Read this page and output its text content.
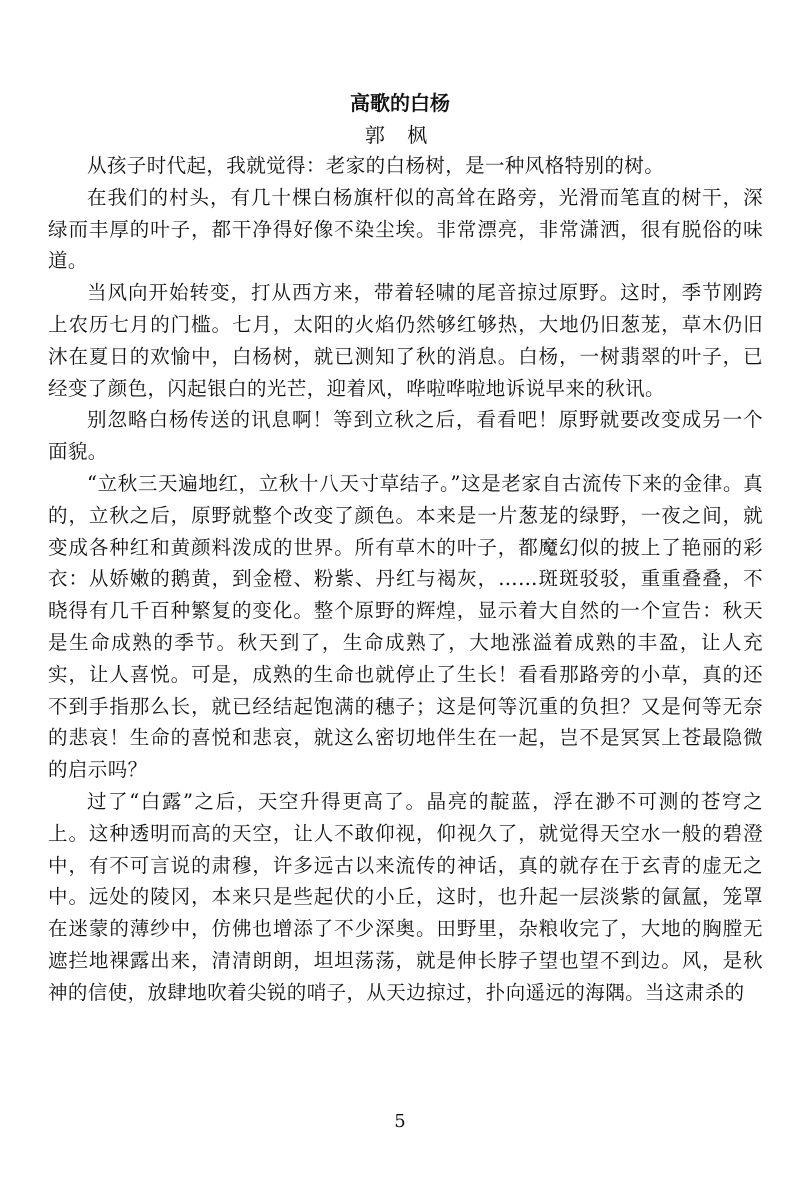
高歌的白杨
郭 枫

从孩子时代起，我就觉得：老家的白杨树，是一种风格特别的树。

在我们的村头，有几十棵白杨旗杆似的高耸在路旁，光滑而笔直的树干，深绿而丰厚的叶子，都干净得好像不染尘埃。非常漂亮，非常潇洒，很有脱俗的味道。

当风向开始转变，打从西方来，带着轻啸的尾音掠过原野。这时，季节刚跨上农历七月的门槛。七月，太阳的火焰仍然够红够热，大地仍旧葱茏，草木仍旧沐在夏日的欢愉中，白杨树，就已测知了秋的消息。白杨，一树翡翠的叶子，已经变了颜色，闪起银白的光芒，迎着风，哗啦哗啦地诉说早来的秋讯。

别忽略白杨传送的讯息啊！等到立秋之后，看看吧！原野就要改变成另一个面貌。

“立秋三天遍地红，立秋十八天寸草结子。”这是老家自古流传下来的金律。真的，立秋之后，原野就整个改变了颜色。本来是一片葱茏的绿野，一夜之间，就变成各种红和黄颜料泼成的世界。所有草木的叶子，都魔幻似的披上了艳丽的彩衣：从娇嫩的鹅黄，到金橙、粉紫、丹红与褐灰，……斑斑驳驳，重重叠叠，不晓得有几千百种繁复的变化。整个原野的辉煌，显示着大自然的一个宣告：秋天是生命成熟的季节。秋天到了，生命成熟了，大地涨溢着成熟的丰盈，让人充实，让人喜悦。可是，成熟的生命也就停止了生长！看看那路旁的小草，真的还不到手指那么长，就已经结起饱满的穗子；这是何等沉重的负担？又是何等无奈的悲哀！生命的喜悦和悲哀，就这么密切地伴生在一起，岂不是冥冥上苍最隐微的启示吗？

过了“白露”之后，天空升得更高了。晶亮的靛蓝，浮在渺不可测的苍穹之上。这种透明而高的天空，让人不敢仰视，仰视久了，就觉得天空水一般的碧澄中，有不可言说的肃穆，许多远古以来流传的神话，真的就存在于玄青的虚无之中。远处的陵冈，本来只是些起伏的小丘，这时，也升起一层淡紫的氤氲，笼罩在迷蒙的薄纱中，仿佛也增添了不少深奥。田野里，杂粮收完了，大地的胸膛无遮拦地裸露出来，清清朗朗，坦坦荡荡，就是伸长脖子望也望不到边。风，是秋神的信使，放肆地吹着尖锐的哨子，从天边掠过，扑向遥远的海隅。当这肃杀的

5
